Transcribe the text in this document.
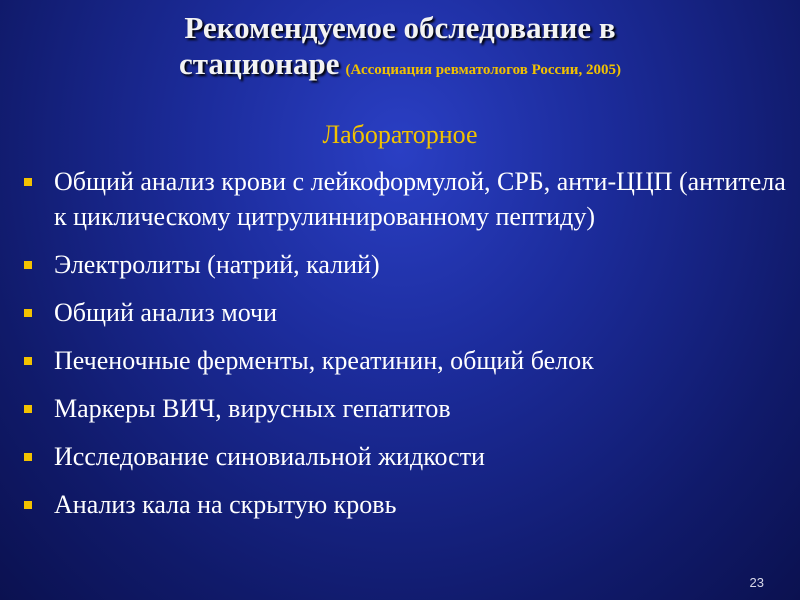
Рекомендуемое обследование в
стационаре (Ассоциация ревматологов России, 2005)
Лабораторное
Общий анализ крови с лейкоформулой, СРБ, анти-ЦЦП (антитела к циклическому цитрулиннированному пептиду)
Электролиты (натрий, калий)
Общий анализ мочи
Печеночные ферменты, креатинин, общий белок
Маркеры ВИЧ, вирусных гепатитов
Исследование синовиальной жидкости
Анализ кала на скрытую кровь
23
